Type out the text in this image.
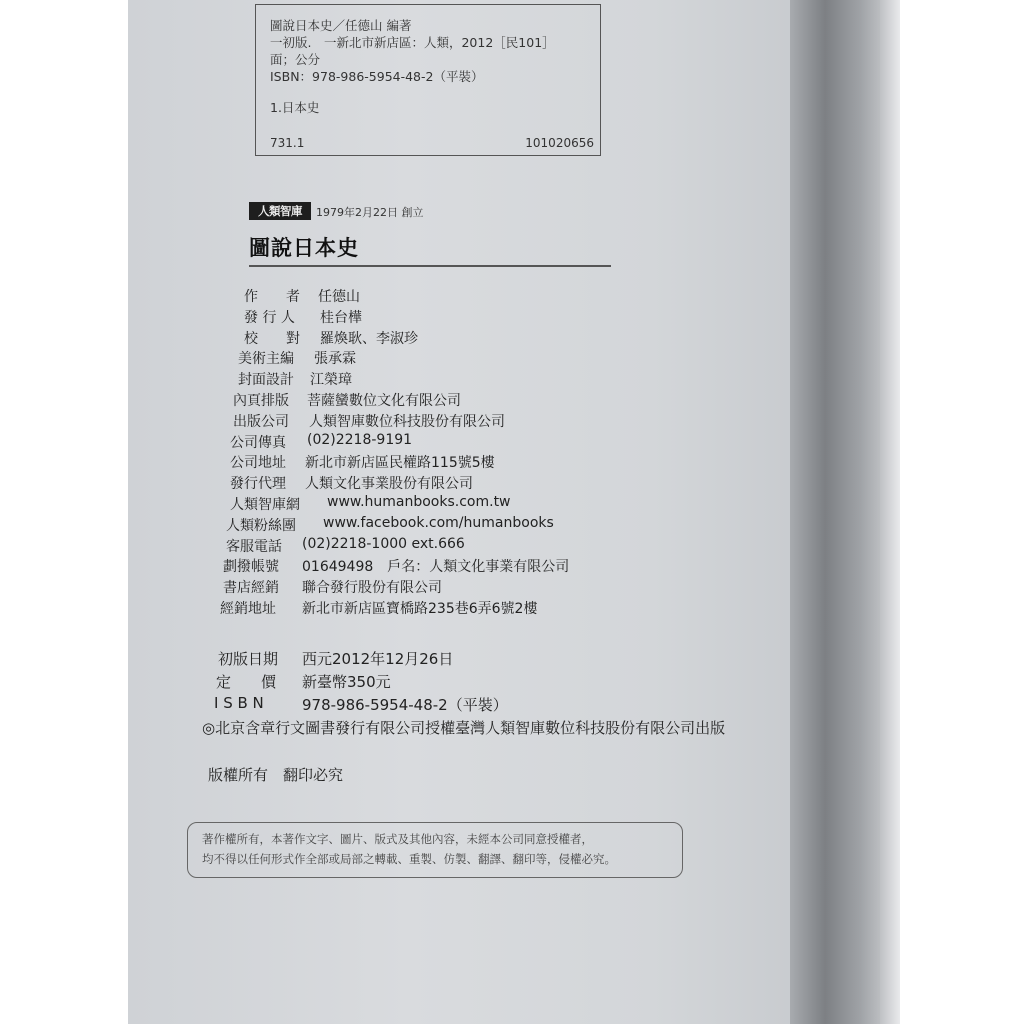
圖說日本史／任德山 編著
一初版.　一新北市新店區：人類，2012［民101］
面；公分
ISBN：978-986-5954-48-2（平裝）
1.日本史
731.1	101020656
人類智庫	1979年2月22日 創立
圖說日本史
作　　者 任德山
發 行 人 桂台樺
校　　對 羅煥耿、李淑珍
美術主編 張承霖
封面設計 江榮璋
內頁排版 菩薩蠻數位文化有限公司
出版公司 人類智庫數位科技股份有限公司
公司傳真 (02)2218-9191
公司地址 新北市新店區民權路115號5樓
發行代理 人類文化事業股份有限公司
人類智庫網 www.humanbooks.com.tw
人類粉絲團 www.facebook.com/humanbooks
客服電話 (02)2218-1000 ext.666
劃撥帳號 01649498　戶名：人類文化事業有限公司
書店經銷 聯合發行股份有限公司
經銷地址 新北市新店區寶橋路235巷6弄6號2樓
初版日期 西元2012年12月26日
定　　價 新臺幣350元
I S B N	978-986-5954-48-2（平裝）
◎北京含章行文圖書發行有限公司授權臺灣人類智庫數位科技股份有限公司出版
版權所有　翻印必究
著作權所有，本著作文字、圖片、版式及其他內容，未經本公司同意授權者，
均不得以任何形式作全部或局部之轉載、重製、仿製、翻譯、翻印等，侵權必究。
